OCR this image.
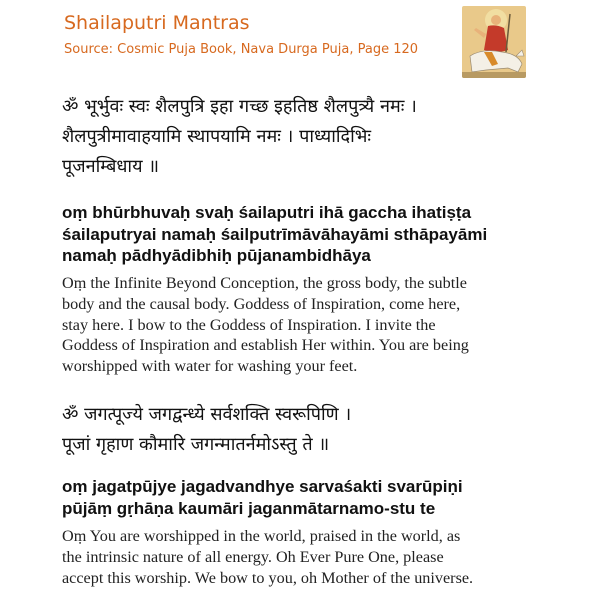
Shailaputri Mantras

Source: Cosmic Puja Book, Nava Durga Puja, Page 120

ॐ भूर्भुवः स्वः शैलपुत्रि इहा गच्छ इहतिष्ठ शैलपुत्र्यै नमः ।
शैलपुत्रीमावाहयामि स्थापयामि नमः । पाध्यादिभिः
पूजनम्बिधाय ॥

oṃ bhūrbhuvaḥ svaḥ śailaputri ihā gaccha ihatiṣṭa
śailaputryai namaḥ śailputrīmāvāhayāmi sthāpayāmi
namaḥ pādhyādibhiḥ pūjanambidhāya

Oṃ the Infinite Beyond Conception, the gross body, the subtle
body and the causal body. Goddess of Inspiration, come here,
stay here. I bow to the Goddess of Inspiration. I invite the
Goddess of Inspiration and establish Her within. You are being
worshipped with water for washing your feet.

ॐ जगत्पूज्ये जगद्वन्ध्ये सर्वशक्ति स्वरूपिणि ।
पूजां गृहाण कौमारि जगन्मातर्नमोऽस्तु ते ॥

oṃ jagatpūjye jagadvandhye sarvaśakti svarūpiṇi
pūjāṃ gṛhāṇa kaumāri jaganmātarnamo-stu te

Oṃ You are worshipped in the world, praised in the world, as
the intrinsic nature of all energy. Oh Ever Pure One, please
accept this worship. We bow to you, oh Mother of the universe.
